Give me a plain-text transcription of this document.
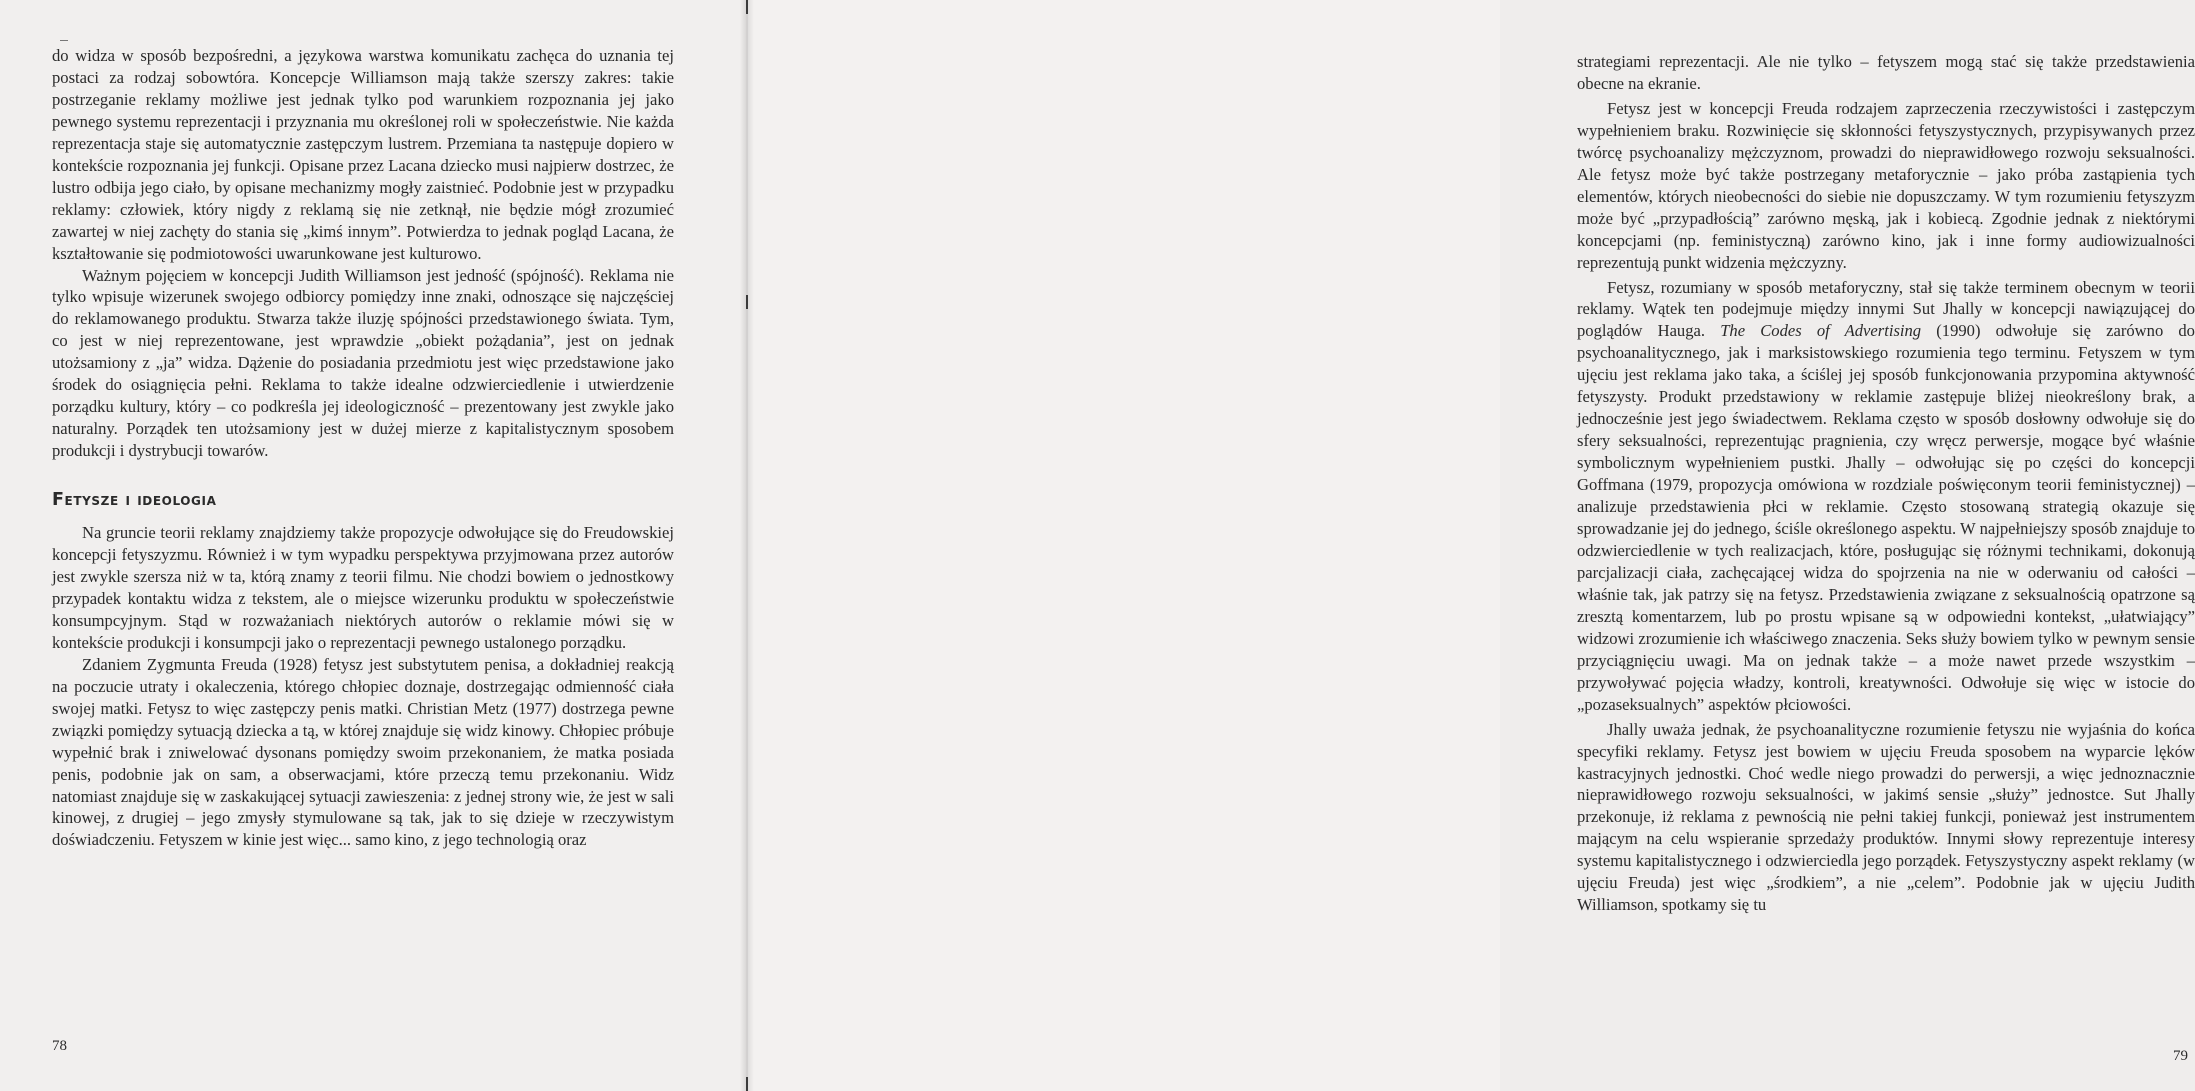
do widza w sposób bezpośredni, a językowa warstwa komunikatu zachęca do uznania tej postaci za rodzaj sobowtóra. Koncepcje Williamson mają także szerszy zakres: takie postrzeganie reklamy możliwe jest jednak tylko pod warunkiem rozpoznania jej jako pewnego systemu reprezentacji i przyznania mu określonej roli w społeczeństwie. Nie każda reprezentacja staje się automatycznie zastępczym lustrem. Przemiana ta następuje dopiero w kontekście rozpoznania jej funkcji. Opisane przez Lacana dziecko musi najpierw dostrzec, że lustro odbija jego ciało, by opisane mechanizmy mogły zaistnieć. Podobnie jest w przypadku reklamy: człowiek, który nigdy z reklamą się nie zetknął, nie będzie mógł zrozumieć zawartej w niej zachęty do stania się „kimś innym”. Potwierdza to jednak pogląd Lacana, że kształtowanie się podmiotowości uwarunkowane jest kulturowo.

Ważnym pojęciem w koncepcji Judith Williamson jest jedność (spójność). Reklama nie tylko wpisuje wizerunek swojego odbiorcy pomiędzy inne znaki, odnoszące się najczęściej do reklamowanego produktu. Stwarza także iluzję spójności przedstawionego świata. Tym, co jest w niej reprezentowane, jest wprawdzie „obiekt pożądania”, jest on jednak utożsamiony z „ja” widza. Dążenie do posiadania przedmiotu jest więc przedstawione jako środek do osiągnięcia pełni. Reklama to także idealne odzwierciedlenie i utwierdzenie porządku kultury, który – co podkreśla jej ideologiczność – prezentowany jest zwykle jako naturalny. Porządek ten utożsamiony jest w dużej mierze z kapitalistycznym sposobem produkcji i dystrybucji towarów.

Fetysze i ideologia

Na gruncie teorii reklamy znajdziemy także propozycje odwołujące się do Freudowskiej koncepcji fetyszyzmu. Również i w tym wypadku perspektywa przyjmowana przez autorów jest zwykle szersza niż w ta, którą znamy z teorii filmu. Nie chodzi bowiem o jednostkowy przypadek kontaktu widza z tekstem, ale o miejsce wizerunku produktu w społeczeństwie konsumpcyjnym. Stąd w rozważaniach niektórych autorów o reklamie mówi się w kontekście produkcji i konsumpcji jako o reprezentacji pewnego ustalonego porządku.

Zdaniem Zygmunta Freuda (1928) fetysz jest substytutem penisa, a dokładniej reakcją na poczucie utraty i okaleczenia, którego chłopiec doznaje, dostrzegając odmienność ciała swojej matki. Fetysz to więc zastępczy penis matki. Christian Metz (1977) dostrzega pewne związki pomiędzy sytuacją dziecka a tą, w której znajduje się widz kinowy. Chłopiec próbuje wypełnić brak i zniwelować dysonans pomiędzy swoim przekonaniem, że matka posiada penis, podobnie jak on sam, a obserwacjami, które przeczą temu przekonaniu. Widz natomiast znajduje się w zaskakującej sytuacji zawieszenia: z jednej strony wie, że jest w sali kinowej, z drugiej – jego zmysły stymulowane są tak, jak to się dzieje w rzeczywistym doświadczeniu. Fetyszem w kinie jest więc... samo kino, z jego technologią oraz

78

strategiami reprezentacji. Ale nie tylko – fetyszem mogą stać się także przedstawienia obecne na ekranie.

Fetysz jest w koncepcji Freuda rodzajem zaprzeczenia rzeczywistości i zastępczym wypełnieniem braku. Rozwinięcie się skłonności fetyszystycznych, przypisywanych przez twórcę psychoanalizy mężczyznom, prowadzi do nieprawidłowego rozwoju seksualności. Ale fetysz może być także postrzegany metaforycznie – jako próba zastąpienia tych elementów, których nieobecności do siebie nie dopuszczamy. W tym rozumieniu fetyszyzm może być „przypadłością” zarówno męską, jak i kobiecą. Zgodnie jednak z niektórymi koncepcjami (np. feministyczną) zarówno kino, jak i inne formy audiowizualności reprezentują punkt widzenia mężczyzny.

Fetysz, rozumiany w sposób metaforyczny, stał się także terminem obecnym w teorii reklamy. Wątek ten podejmuje między innymi Sut Jhally w koncepcji nawiązującej do poglądów Hauga. The Codes of Advertising (1990) odwołuje się zarówno do psychoanalitycznego, jak i marksistowskiego rozumienia tego terminu. Fetyszem w tym ujęciu jest reklama jako taka, a ściślej jej sposób funkcjonowania przypomina aktywność fetyszysty. Produkt przedstawiony w reklamie zastępuje bliżej nieokreślony brak, a jednocześnie jest jego świadectwem. Reklama często w sposób dosłowny odwołuje się do sfery seksualności, reprezentując pragnienia, czy wręcz perwersje, mogące być właśnie symbolicznym wypełnieniem pustki. Jhally – odwołując się po części do koncepcji Goffmana (1979, propozycja omówiona w rozdziale poświęconym teorii feministycznej) – analizuje przedstawienia płci w reklamie. Często stosowaną strategią okazuje się sprowadzanie jej do jednego, ściśle określonego aspektu. W najpełniejszy sposób znajduje to odzwierciedlenie w tych realizacjach, które, posługując się różnymi technikami, dokonują parcjalizacji ciała, zachęcającej widza do spojrzenia na nie w oderwaniu od całości – właśnie tak, jak patrzy się na fetysz. Przedstawienia związane z seksualnością opatrzone są zresztą komentarzem, lub po prostu wpisane są w odpowiedni kontekst, „ułatwiający” widzowi zrozumienie ich właściwego znaczenia. Seks służy bowiem tylko w pewnym sensie przyciągnięciu uwagi. Ma on jednak także – a może nawet przede wszystkim – przywoływać pojęcia władzy, kontroli, kreatywności. Odwołuje się więc w istocie do „pozaseksualnych” aspektów płciowości.

Jhally uważa jednak, że psychoanalityczne rozumienie fetyszu nie wyjaśnia do końca specyfiki reklamy. Fetysz jest bowiem w ujęciu Freuda sposobem na wyparcie lęków kastracyjnych jednostki. Choć wedle niego prowadzi do perwersji, a więc jednoznacznie nieprawidłowego rozwoju seksualności, w jakimś sensie „służy” jednostce. Sut Jhally przekonuje, iż reklama z pewnością nie pełni takiej funkcji, ponieważ jest instrumentem mającym na celu wspieranie sprzedaży produktów. Innymi słowy reprezentuje interesy systemu kapitalistycznego i odzwierciedla jego porządek. Fetyszystyczny aspekt reklamy (w ujęciu Freuda) jest więc „środkiem”, a nie „celem”. Podobnie jak w ujęciu Judith Williamson, spotkamy się tu

79
